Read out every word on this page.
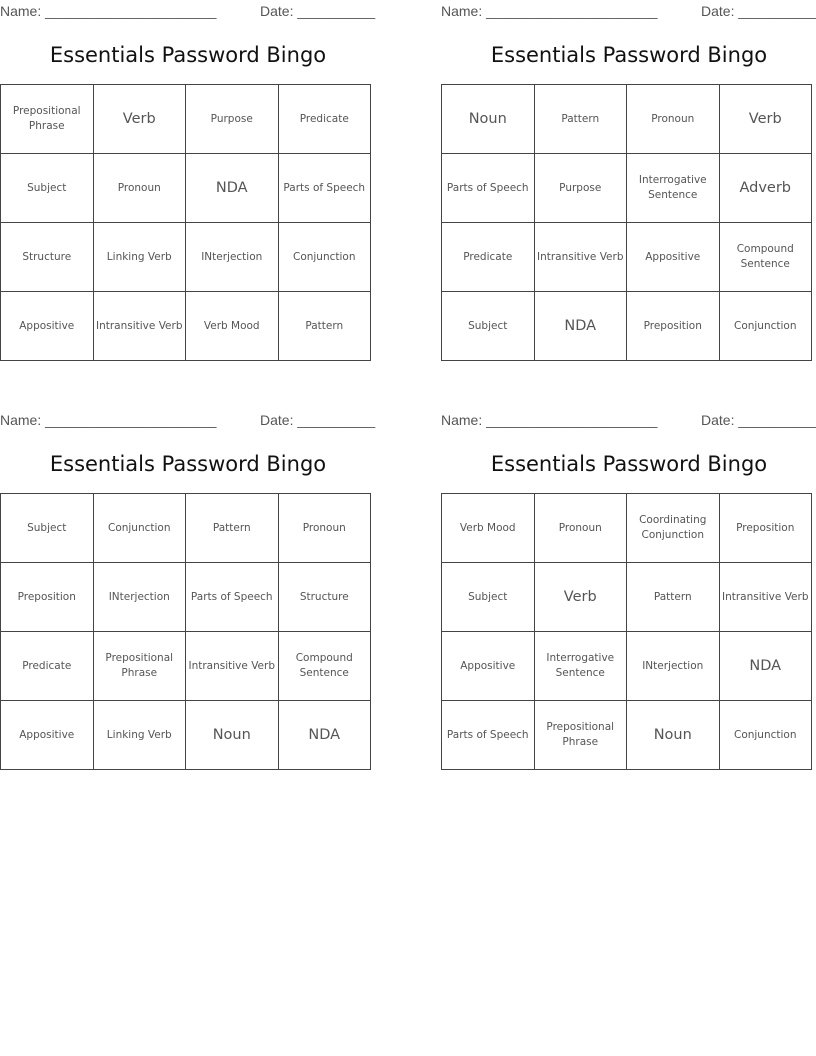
Name: ______________________	Date: __________
Essentials Password Bingo
Prepositional Phrase	Verb	Purpose	Predicate
Subject	Pronoun	NDA	Parts of Speech
Structure	Linking Verb	INterjection	Conjunction
Appositive	Intransitive Verb	Verb Mood	Pattern
Name: ______________________	Date: __________
Essentials Password Bingo
Noun	Pattern	Pronoun	Verb
Parts of Speech	Purpose	Interrogative Sentence	Adverb
Predicate	Intransitive Verb	Appositive	Compound Sentence
Subject	NDA	Preposition	Conjunction
Name: ______________________	Date: __________
Essentials Password Bingo
Subject	Conjunction	Pattern	Pronoun
Preposition	INterjection	Parts of Speech	Structure
Predicate	Prepositional Phrase	Intransitive Verb	Compound Sentence
Appositive	Linking Verb	Noun	NDA
Name: ______________________	Date: __________
Essentials Password Bingo
Verb Mood	Pronoun	Coordinating Conjunction	Preposition
Subject	Verb	Pattern	Intransitive Verb
Appositive	Interrogative Sentence	INterjection	NDA
Parts of Speech	Prepositional Phrase	Noun	Conjunction
